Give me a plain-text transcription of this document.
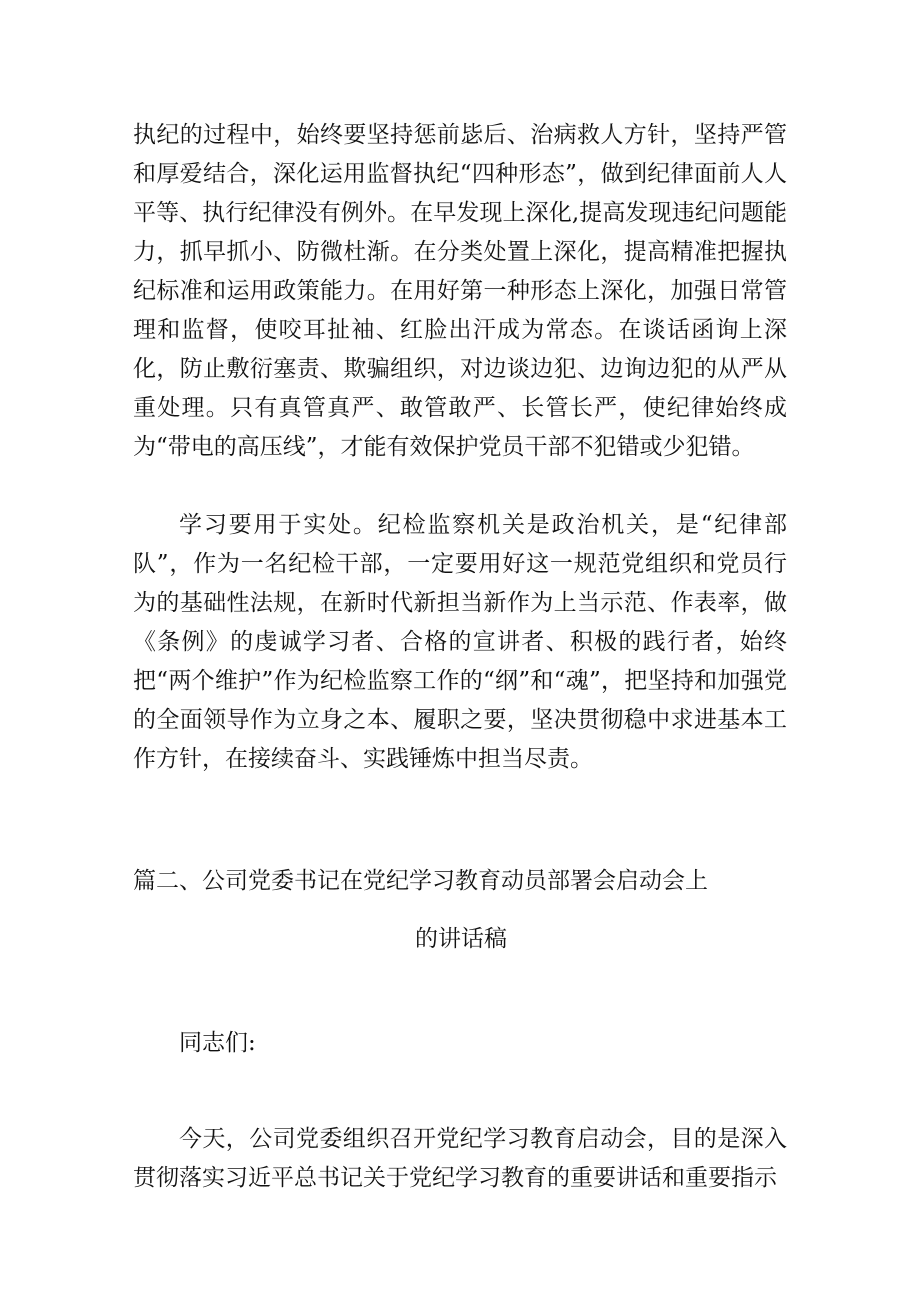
执纪的过程中，始终要坚持惩前毖后、治病救人方针，坚持严管和厚爱结合，深化运用监督执纪“四种形态”，做到纪律面前人人平等、执行纪律没有例外。在早发现上深化,提高发现违纪问题能力，抓早抓小、防微杜渐。在分类处置上深化，提高精准把握执纪标准和运用政策能力。在用好第一种形态上深化，加强日常管理和监督，使咬耳扯袖、红脸出汗成为常态。在谈话函询上深化，防止敷衍塞责、欺骗组织，对边谈边犯、边询边犯的从严从重处理。只有真管真严、敢管敢严、长管长严，使纪律始终成为“带电的高压线”，才能有效保护党员干部不犯错或少犯错。

学习要用于实处。纪检监察机关是政治机关，是“纪律部队”，作为一名纪检干部，一定要用好这一规范党组织和党员行为的基础性法规，在新时代新担当新作为上当示范、作表率，做《条例》的虔诚学习者、合格的宣讲者、积极的践行者，始终把“两个维护”作为纪检监察工作的“纲”和“魂”，把坚持和加强党的全面领导作为立身之本、履职之要，坚决贯彻稳中求进基本工作方针，在接续奋斗、实践锤炼中担当尽责。

篇二、公司党委书记在党纪学习教育动员部署会启动会上

的讲话稿

同志们:

今天，公司党委组织召开党纪学习教育启动会，目的是深入贯彻落实习近平总书记关于党纪学习教育的重要讲话和重要指示
